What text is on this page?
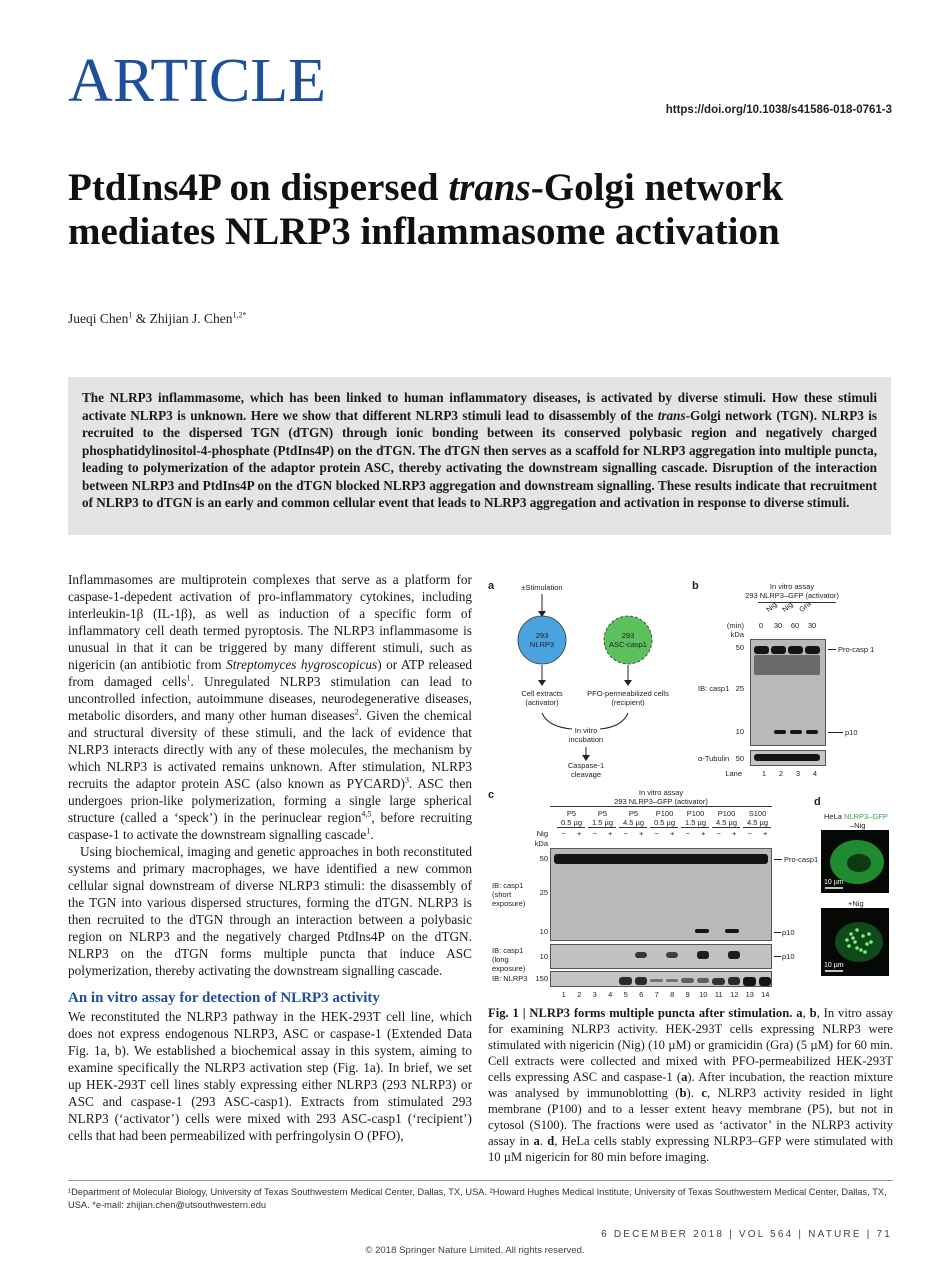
ARTICLE	https://doi.org/10.1038/s41586-018-0761-3
PtdIns4P on dispersed trans-Golgi network mediates NLRP3 inflammasome activation
Jueqi Chen$^1$ & Zhijian J. Chen$^{1,2*}$

The NLRP3 inflammasome, which has been linked to human inflammatory diseases, is activated by diverse stimuli. How these stimuli activate NLRP3 is unknown. Here we show that different NLRP3 stimuli lead to disassembly of the trans-Golgi network (TGN). NLRP3 is recruited to the dispersed TGN (dTGN) through ionic bonding between its conserved polybasic region and negatively charged phosphatidylinositol-4-phosphate (PtdIns4P) on the dTGN. The dTGN then serves as a scaffold for NLRP3 aggregation into multiple puncta, leading to polymerization of the adaptor protein ASC, thereby activating the downstream signalling cascade. Disruption of the interaction between NLRP3 and PtdIns4P on the dTGN blocked NLRP3 aggregation and downstream signalling. These results indicate that recruitment of NLRP3 to dTGN is an early and common cellular event that leads to NLRP3 aggregation and activation in response to diverse stimuli.

Inflammasomes are multiprotein complexes that serve as a platform for caspase-1-depedent activation of pro-inflammatory cytokines, including interleukin-1β (IL-1β), as well as induction of a specific form of inflammatory cell death termed pyroptosis. The NLRP3 inflammasome is unusual in that it can be triggered by many different stimuli, such as nigericin (an antibiotic from Streptomyces hygroscopicus) or ATP released from damaged cells$^1$. Unregulated NLRP3 stimulation can lead to uncontrolled infection, autoimmune diseases, neurodegenerative diseases, metabolic disorders, and many other human diseases$^2$. Given the chemical and structural diversity of these stimuli, and the lack of evidence that NLRP3 interacts directly with any of these molecules, the mechanism by which NLRP3 is activated remains unknown. After stimulation, NLRP3 recruits the adaptor protein ASC (also known as PYCARD)$^3$. ASC then undergoes prion-like polymerization, forming a single large spherical structure (called a ‘speck’) in the perinuclear region$^{4,5}$, before recruiting caspase-1 to activate the downstream signalling cascade$^1$.

Using biochemical, imaging and genetic approaches in both reconstituted systems and primary macrophages, we have identified a new common cellular signal downstream of diverse NLRP3 stimuli: the disassembly of the TGN into various dispersed structures, forming the dTGN. NLRP3 is then recruited to the dTGN through an interaction between a polybasic region on NLRP3 and the negatively charged PtdIns4P on the dTGN. NLRP3 on the dTGN forms multiple puncta that induce ASC polymerization, thereby activating the downstream signalling cascade.

An in vitro assay for detection of NLRP3 activity

We reconstituted the NLRP3 pathway in the HEK-293T cell line, which does not express endogenous NLRP3, ASC or caspase-1 (Extended Data Fig. 1a, b). We established a biochemical assay in this system, aiming to examine specifically the NLRP3 activation step (Fig. 1a). In brief, we set up HEK-293T cell lines stably expressing either NLRP3 (293 NLRP3) or ASC and caspase-1 (293 ASC-casp1). Extracts from stimulated 293 NLRP3 (‘activator’) cells were mixed with 293 ASC-casp1 (‘recipient’) cells that had been permeabilized with perfringolysin O (PFO),

a	±Stimulation
293
NLRP3
293
ASC-casp1
Cell extracts
(activator)
PFO-permeabilized cells
(recipient)
In vitro
incubation
Caspase-1
cleavage
b	In vitro assay
293 NLRP3–GFP (activator)
Nig Nig Gra
(min)	0	30 60 30
kDa
50
25
10
IB: casp1
Pro-casp 1
p10
α-Tubulin 50
Lane	1 2 3 4
c	In vitro assay
293 NLRP3–GFP (activator)
Nig
kDa
50
25
10
IB: casp1
(short
exposure)
Pro-casp1
p10
IB: casp1
(long
exposure)
10	p10
IB: NLRP3	150
d
HeLa NLRP3–GFP
–Nig
10 µm
+Nig
10 µm
P5
0.5 µg
P5
1.5 µg
P5
4.5 µg
P100
0.5 µg
P100
1.5 µg
P100
4.5 µg
S100
4.5 µg
−	+	−	+	−	+	−	+	−	+	−	+	−	+
1	2	3	4	5	6	7	8	9	10 11 12 13 14
Fig. 1 | NLRP3 forms multiple puncta after stimulation. a, b, In vitro assay for examining NLRP3 activity. HEK-293T cells expressing NLRP3 were stimulated with nigericin (Nig) (10 µM) or gramicidin (Gra) (5 µM) for 60 min. Cell extracts were collected and mixed with PFO-permeabilized HEK-293T cells expressing ASC and caspase-1 (a). After incubation, the reaction mixture was analysed by immunoblotting (b). c, NLRP3 activity resided in light membrane (P100) and to a lesser extent heavy membrane (P5), but not in cytosol (S100). The fractions were used as ‘activator’ in the NLRP3 activity assay in a. d, HeLa cells stably expressing NLRP3–GFP were stimulated with 10 µM nigericin for 80 min before imaging.
¹Department of Molecular Biology, University of Texas Southwestern Medical Center, Dallas, TX, USA. ²Howard Hughes Medical Institute, University of Texas Southwestern Medical Center, Dallas, TX, USA. *e-mail: zhijian.chen@utsouthwestern.edu
6 DECEMBER 2018 | VOL 564 | NATURE | 71
© 2018 Springer Nature Limited. All rights reserved.
